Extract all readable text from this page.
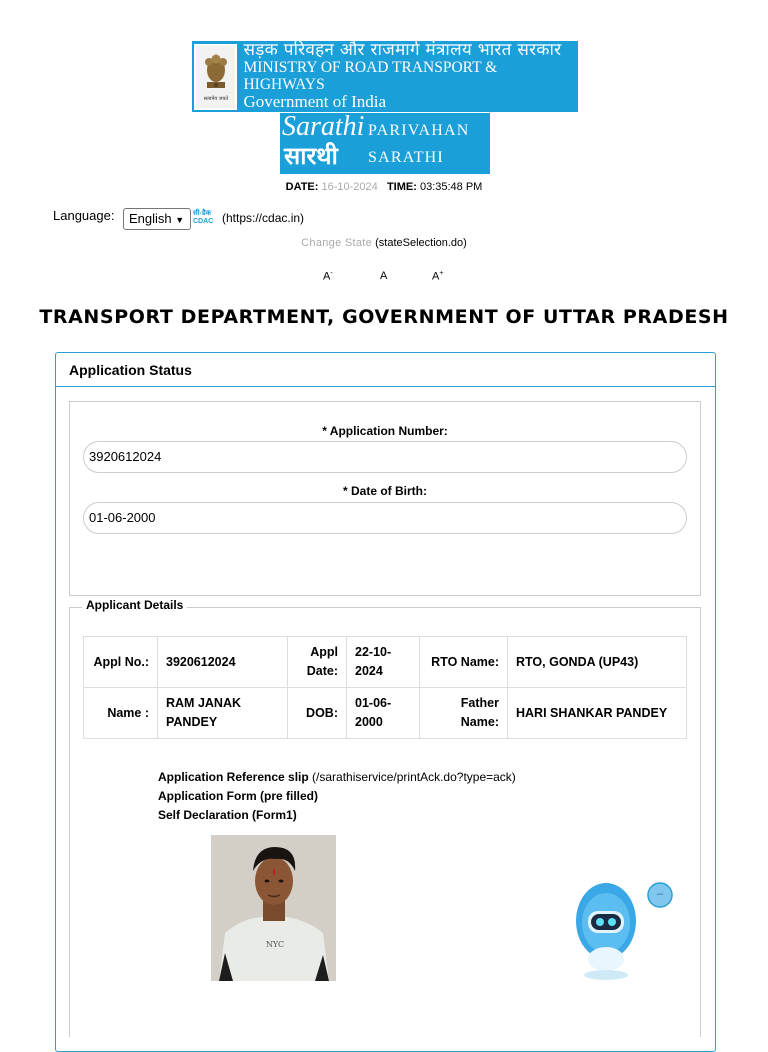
सत्यमेव जयते
सड़क परिवहन और राजमार्ग मंत्रालय भारत सरकार
MINISTRY OF ROAD TRANSPORT & HIGHWAYS
Government of India
Sarathi
सारथी
PARIVAHAN
SARATHI
DATE: 16-10-2024 TIME: 03:35:48 PM
Language:	English ▼
सी-डैक CDAC (https://cdac.in)
Change State (stateSelection.do)
A-	A	A+
TRANSPORT DEPARTMENT, GOVERNMENT OF UTTAR PRADESH
Application Status
* Application Number:
3920612024
* Date of Birth:
01-06-2000
Applicant Details
Appl No.:	3920612024	Appl Date:	22-10-2024	RTO Name:	RTO, GONDA (UP43)
Name :	RAM JANAK PANDEY	DOB:	01-06-2000	Father Name:	HARI SHANKAR PANDEY
Application Reference slip (/sarathiservice/printAck.do?type=ack)
Application Form (pre filled)
Self Declaration (Form1)
NYC
“”
